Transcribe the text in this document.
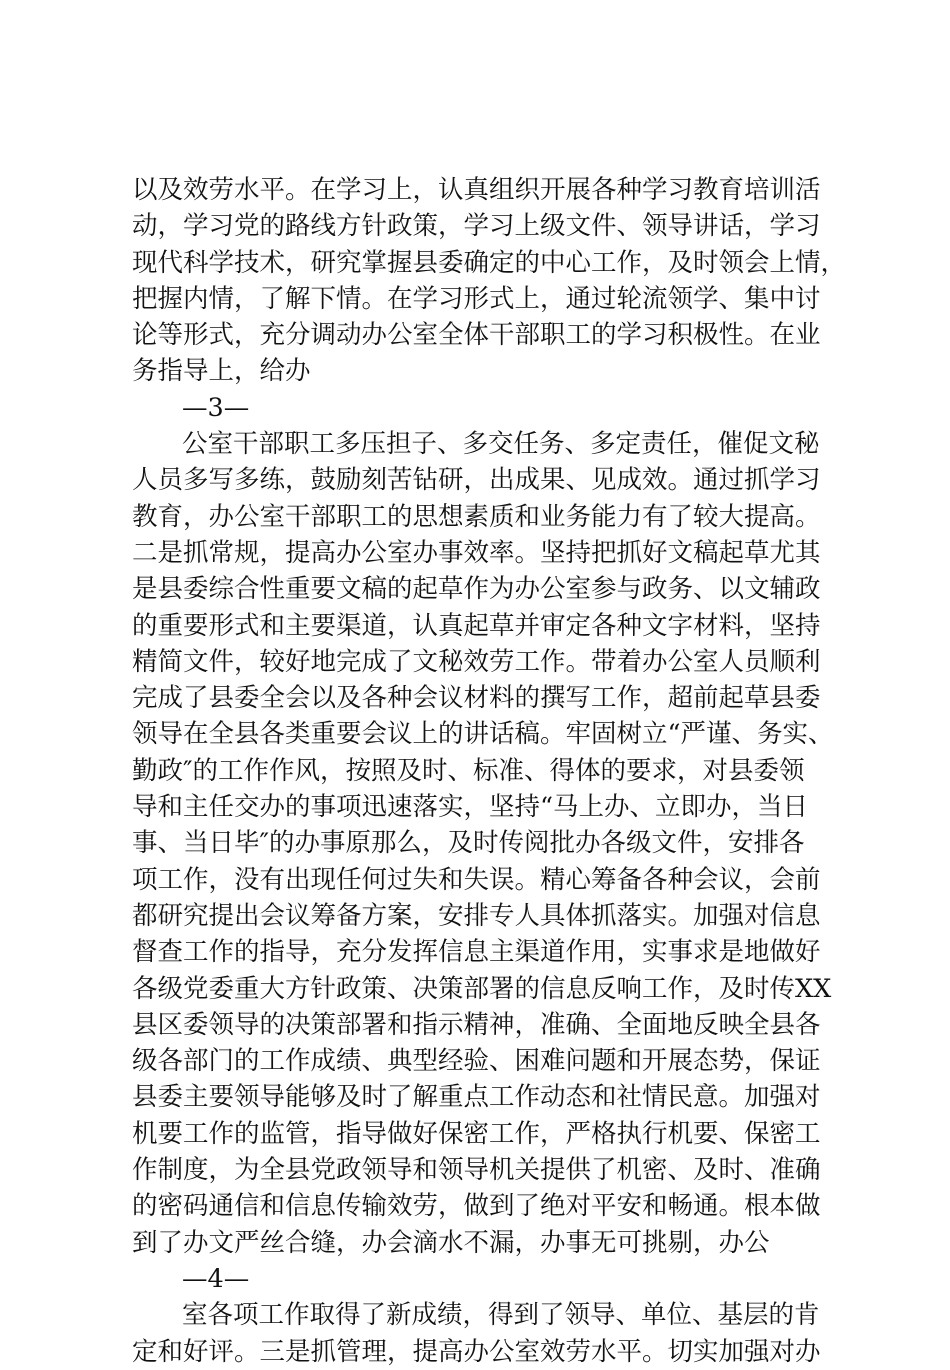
以及效劳水平。在学习上，认真组织开展各种学习教育培训活
动，学习党的路线方针政策，学习上级文件、领导讲话，学习
现代科学技术，研究掌握县委确定的中心工作，及时领会上情，
把握内情，了解下情。在学习形式上，通过轮流领学、集中讨
论等形式，充分调动办公室全体干部职工的学习积极性。在业
务指导上，给办
—3—
公室干部职工多压担子、多交任务、多定责任，催促文秘
人员多写多练，鼓励刻苦钻研，出成果、见成效。通过抓学习
教育，办公室干部职工的思想素质和业务能力有了较大提高。
二是抓常规，提高办公室办事效率。坚持把抓好文稿起草尤其
是县委综合性重要文稿的起草作为办公室参与政务、以文辅政
的重要形式和主要渠道，认真起草并审定各种文字材料，坚持
精简文件，较好地完成了文秘效劳工作。带着办公室人员顺利
完成了县委全会以及各种会议材料的撰写工作，超前起草县委
领导在全县各类重要会议上的讲话稿。牢固树立“严谨、务实、
勤政″的工作作风，按照及时、标准、得体的要求，对县委领
导和主任交办的事项迅速落实，坚持“马上办、立即办，当日
事、当日毕″的办事原那么，及时传阅批办各级文件，安排各
项工作，没有出现任何过失和失误。精心筹备各种会议，会前
都研究提出会议筹备方案，安排专人具体抓落实。加强对信息
督查工作的指导，充分发挥信息主渠道作用，实事求是地做好
各级党委重大方针政策、决策部署的信息反响工作，及时传XX
县区委领导的决策部署和指示精神，准确、全面地反映全县各
级各部门的工作成绩、典型经验、困难问题和开展态势，保证
县委主要领导能够及时了解重点工作动态和社情民意。加强对
机要工作的监管，指导做好保密工作，严格执行机要、保密工
作制度，为全县党政领导和领导机关提供了机密、及时、准确
的密码通信和信息传输效劳，做到了绝对平安和畅通。根本做
到了办文严丝合缝，办会滴水不漏，办事无可挑剔，办公
—4—
室各项工作取得了新成绩，得到了领导、单位、基层的肯
定和好评。三是抓管理，提高办公室效劳水平。切实加强对办
